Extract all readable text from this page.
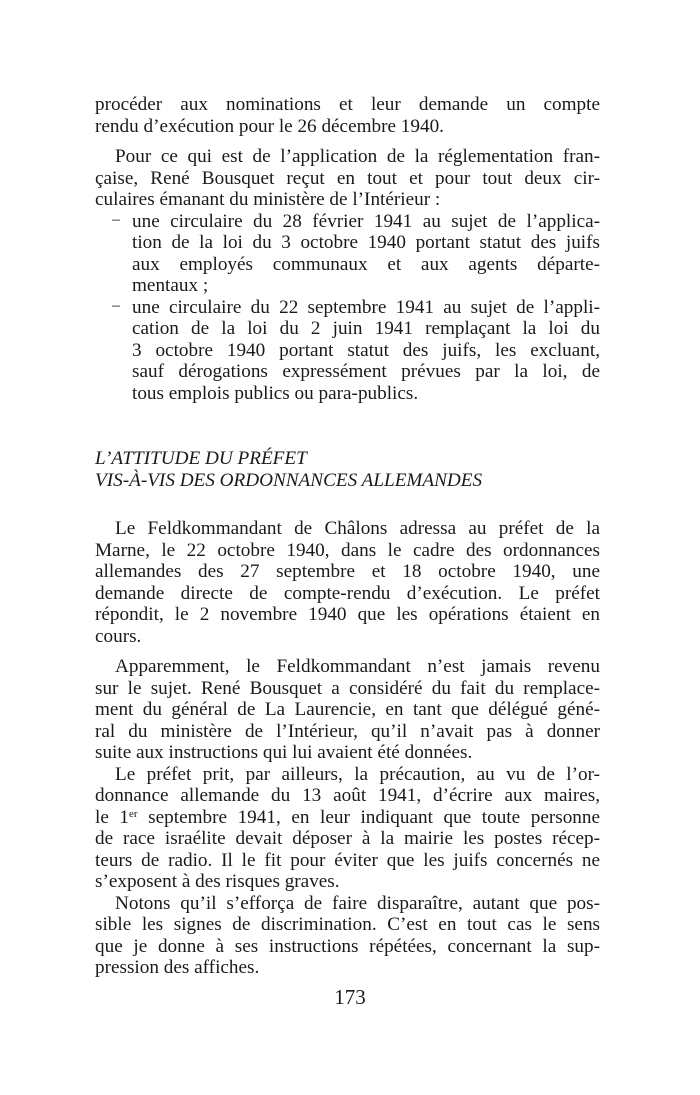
procéder aux nominations et leur demande un compte
rendu d’exécution pour le 26 décembre 1940.
Pour ce qui est de l’application de la réglementation fran-
çaise, René Bousquet reçut en tout et pour tout deux cir-
culaires émanant du ministère de l’Intérieur :
– une circulaire du 28 février 1941 au sujet de l’applica-
tion de la loi du 3 octobre 1940 portant statut des juifs
aux employés communaux et aux agents départe-
mentaux ;
– une circulaire du 22 septembre 1941 au sujet de l’appli-
cation de la loi du 2 juin 1941 remplaçant la loi du
3 octobre 1940 portant statut des juifs, les excluant,
sauf dérogations expressément prévues par la loi, de
tous emplois publics ou para-publics.
L’ATTITUDE DU PRÉFET
VIS-À-VIS DES ORDONNANCES ALLEMANDES
Le Feldkommandant de Châlons adressa au préfet de la
Marne, le 22 octobre 1940, dans le cadre des ordonnances
allemandes des 27 septembre et 18 octobre 1940, une
demande directe de compte-rendu d’exécution. Le préfet
répondit, le 2 novembre 1940 que les opérations étaient en
cours.
Apparemment, le Feldkommandant n’est jamais revenu
sur le sujet. René Bousquet a considéré du fait du remplace-
ment du général de La Laurencie, en tant que délégué géné-
ral du ministère de l’Intérieur, qu’il n’avait pas à donner
suite aux instructions qui lui avaient été données.
Le préfet prit, par ailleurs, la précaution, au vu de l’or-
donnance allemande du 13 août 1941, d’écrire aux maires,
le 1er septembre 1941, en leur indiquant que toute personne
de race israélite devait déposer à la mairie les postes récep-
teurs de radio. Il le fit pour éviter que les juifs concernés ne
s’exposent à des risques graves.
Notons qu’il s’efforça de faire disparaître, autant que pos-
sible les signes de discrimination. C’est en tout cas le sens
que je donne à ses instructions répétées, concernant la sup-
pression des affiches.
173
